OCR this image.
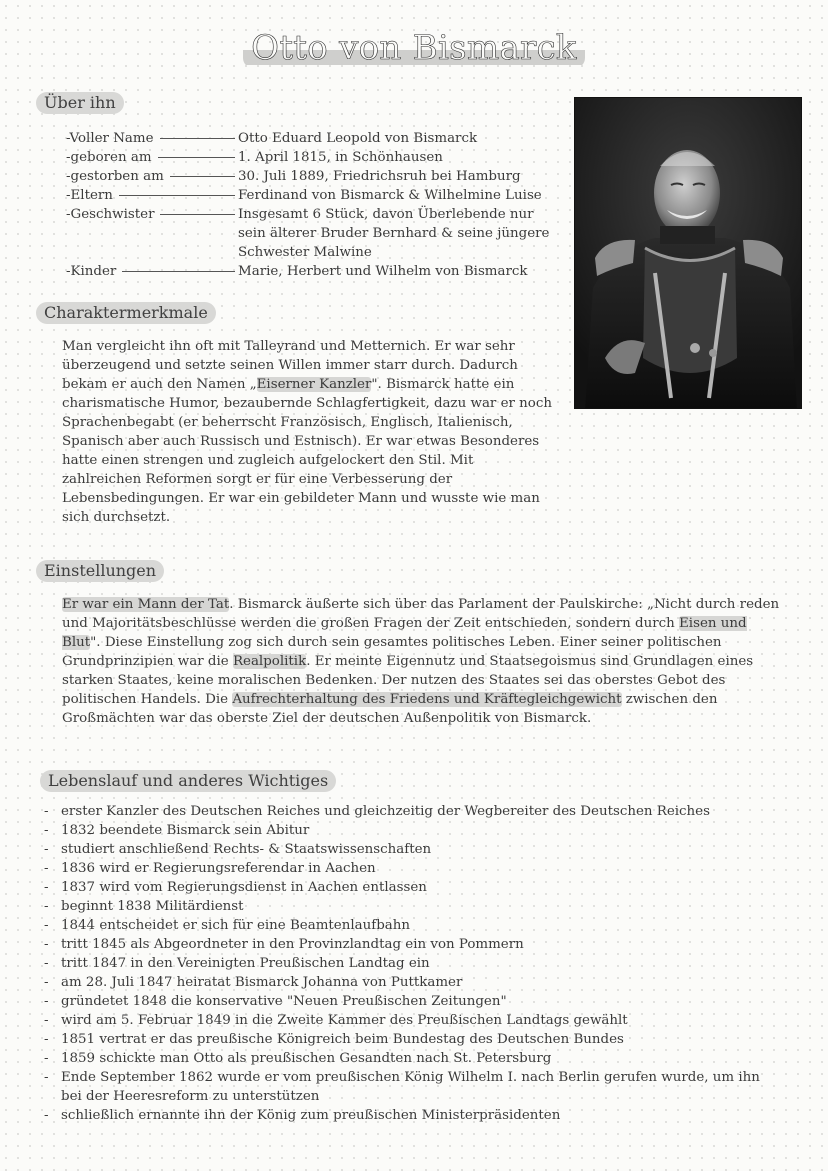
Otto von Bismarck
Über ihn
-Voller Name	Otto Eduard Leopold von Bismarck
-geboren am	1. April 1815, in Schönhausen
-gestorben am	30. Juli 1889, Friedrichsruh bei Hamburg
-Eltern	Ferdinand von Bismarck & Wilhelmine Luise
-Geschwister	Insgesamt 6 Stück, davon Überlebende nur sein älterer Bruder Bernhard & seine jüngere Schwester Malwine
-Kinder	Marie, Herbert und Wilhelm von Bismarck
Charaktermerkmale
Man vergleicht ihn oft mit Talleyrand und Metternich. Er war sehr überzeugend und setzte seinen Willen immer starr durch. Dadurch bekam er auch den Namen „Eiserner Kanzler". Bismarck hatte ein charismatische Humor, bezaubernde Schlagfertigkeit, dazu war er noch Sprachenbegabt (er beherrscht Französisch, Englisch, Italienisch, Spanisch aber auch Russisch und Estnisch). Er war etwas Besonderes hatte einen strengen und zugleich aufgelockert den Stil. Mit zahlreichen Reformen sorgt er für eine Verbesserung der Lebensbedingungen. Er war ein gebildeter Mann und wusste wie man sich durchsetzt.
Einstellungen
Er war ein Mann der Tat. Bismarck äußerte sich über das Parlament der Paulskirche: „Nicht durch reden und Majoritätsbeschlüsse werden die großen Fragen der Zeit entschieden, sondern durch Eisen und Blut". Diese Einstellung zog sich durch sein gesamtes politisches Leben. Einer seiner politischen Grundprinzipien war die Realpolitik. Er meinte Eigennutz und Staatsegoismus sind Grundlagen eines starken Staates, keine moralischen Bedenken. Der nutzen des Staates sei das oberstes Gebot des politischen Handels. Die Aufrechterhaltung des Friedens und Kräftegleichgewicht zwischen den Großmächten war das oberste Ziel der deutschen Außenpolitik von Bismarck.
Lebenslauf und anderes Wichtiges
- erster Kanzler des Deutschen Reiches und gleichzeitig der Wegbereiter des Deutschen Reiches
- 1832 beendete Bismarck sein Abitur
- studiert anschließend Rechts- & Staatswissenschaften
- 1836 wird er Regierungsreferendar in Aachen
- 1837 wird vom Regierungsdienst in Aachen entlassen
- beginnt 1838 Militärdienst
- 1844 entscheidet er sich für eine Beamtenlaufbahn
- tritt 1845 als Abgeordneter in den Provinzlandtag ein von Pommern
- tritt 1847 in den Vereinigten Preußischen Landtag ein
- am 28. Juli 1847 heiratat Bismarck Johanna von Puttkamer
- gründetet 1848 die konservative "Neuen Preußischen Zeitungen"
- wird am 5. Februar 1849 in die Zweite Kammer des Preußischen Landtags gewählt
- 1851 vertrat er das preußische Königreich beim Bundestag des Deutschen Bundes
- 1859 schickte man Otto als preußischen Gesandten nach St. Petersburg
- Ende September 1862 wurde er vom preußischen König Wilhelm I. nach Berlin gerufen wurde, um ihn bei der Heeresreform zu unterstützen
- schließlich ernannte ihn der König zum preußischen Ministerpräsidenten
